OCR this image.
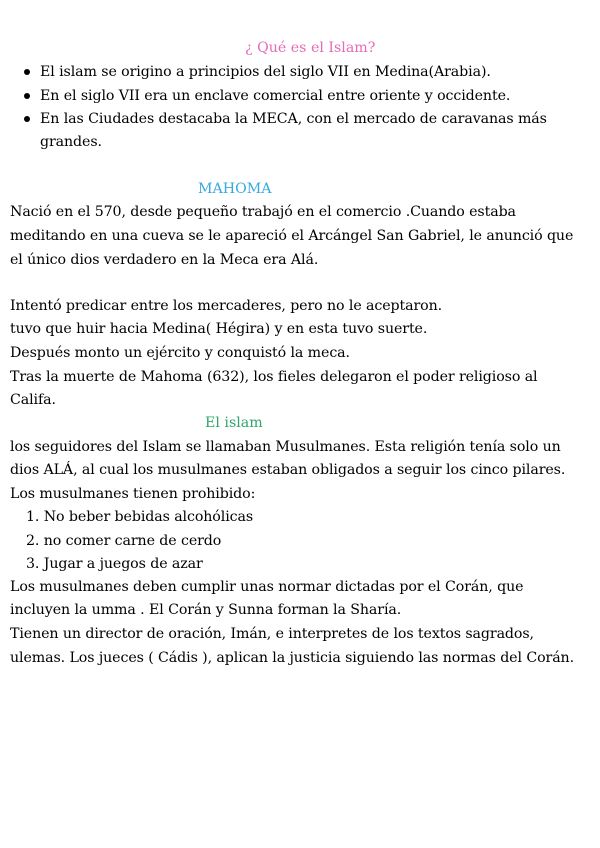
¿ Qué es el Islam?
El islam se origino a principios del siglo VII en Medina(Arabia).
En el siglo VII era un enclave comercial entre oriente y occidente.
En las Ciudades destacaba la MECA, con el mercado de caravanas más
grandes.
MAHOMA
Nació en el 570, desde pequeño trabajó en el comercio .Cuando estaba
meditando en una cueva se le apareció el Arcángel San Gabriel, le anunció que
el único dios verdadero en la Meca era Alá.
Intentó predicar entre los mercaderes, pero no le aceptaron.
tuvo que huir hacia Medina( Hégira) y en esta tuvo suerte.
Después monto un ejército y conquistó la meca.
Tras la muerte de Mahoma (632), los fieles delegaron el poder religioso al
Califa.
El islam
los seguidores del Islam se llamaban Musulmanes. Esta religión tenía solo un
dios ALÁ, al cual los musulmanes estaban obligados a seguir los cinco pilares.
Los musulmanes tienen prohibido:
1. No beber bebidas alcohólicas
2. no comer carne de cerdo
3. Jugar a juegos de azar
Los musulmanes deben cumplir unas normar dictadas por el Corán, que
incluyen la umma . El Corán y Sunna forman la Sharía.
Tienen un director de oración, Imán, e interpretes de los textos sagrados,
ulemas. Los jueces ( Cádis ), aplican la justicia siguiendo las normas del Corán.
